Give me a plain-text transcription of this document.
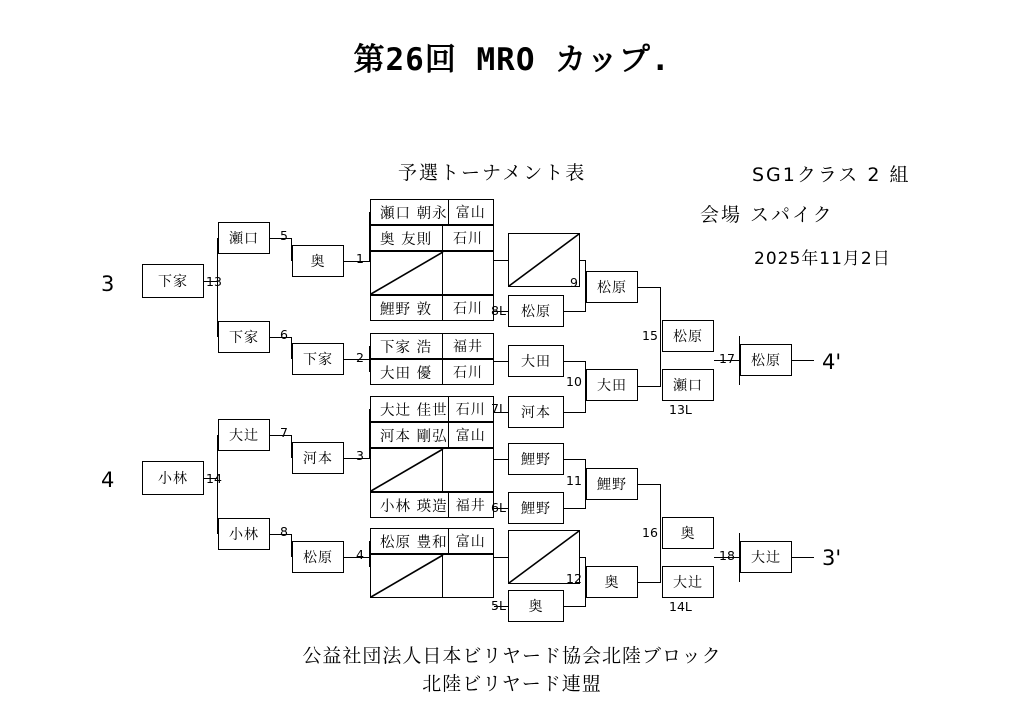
第26回 MRO カップ.
予選トーナメント表	SG1クラス 2 組
会場 スパイク
2025年11月2日
3
4
4'
3'
瀬口 朝永 富山
奥 友則	石川
鯉野 敦	石川
下家 浩	福井
大田 優	石川
大辻 佳世 石川
河本 剛弘 富山
小林 瑛造 福井
松原 豊和 富山
下家
小林
瀬口
下家
大辻
小林
奥
下家
河本
松原
松原
河本
鯉野
奥
大田
鯉野
松原
大田
鯉野
奥
松原
瀬口
奥
大辻
松原
大辻
13
14
5
6
7
8
1
2
3
4
8L
7L
6L
5L
9
10
11
12
15
16
17
18
13L
14L
公益社団法人日本ビリヤード協会北陸ブロック
北陸ビリヤード連盟
